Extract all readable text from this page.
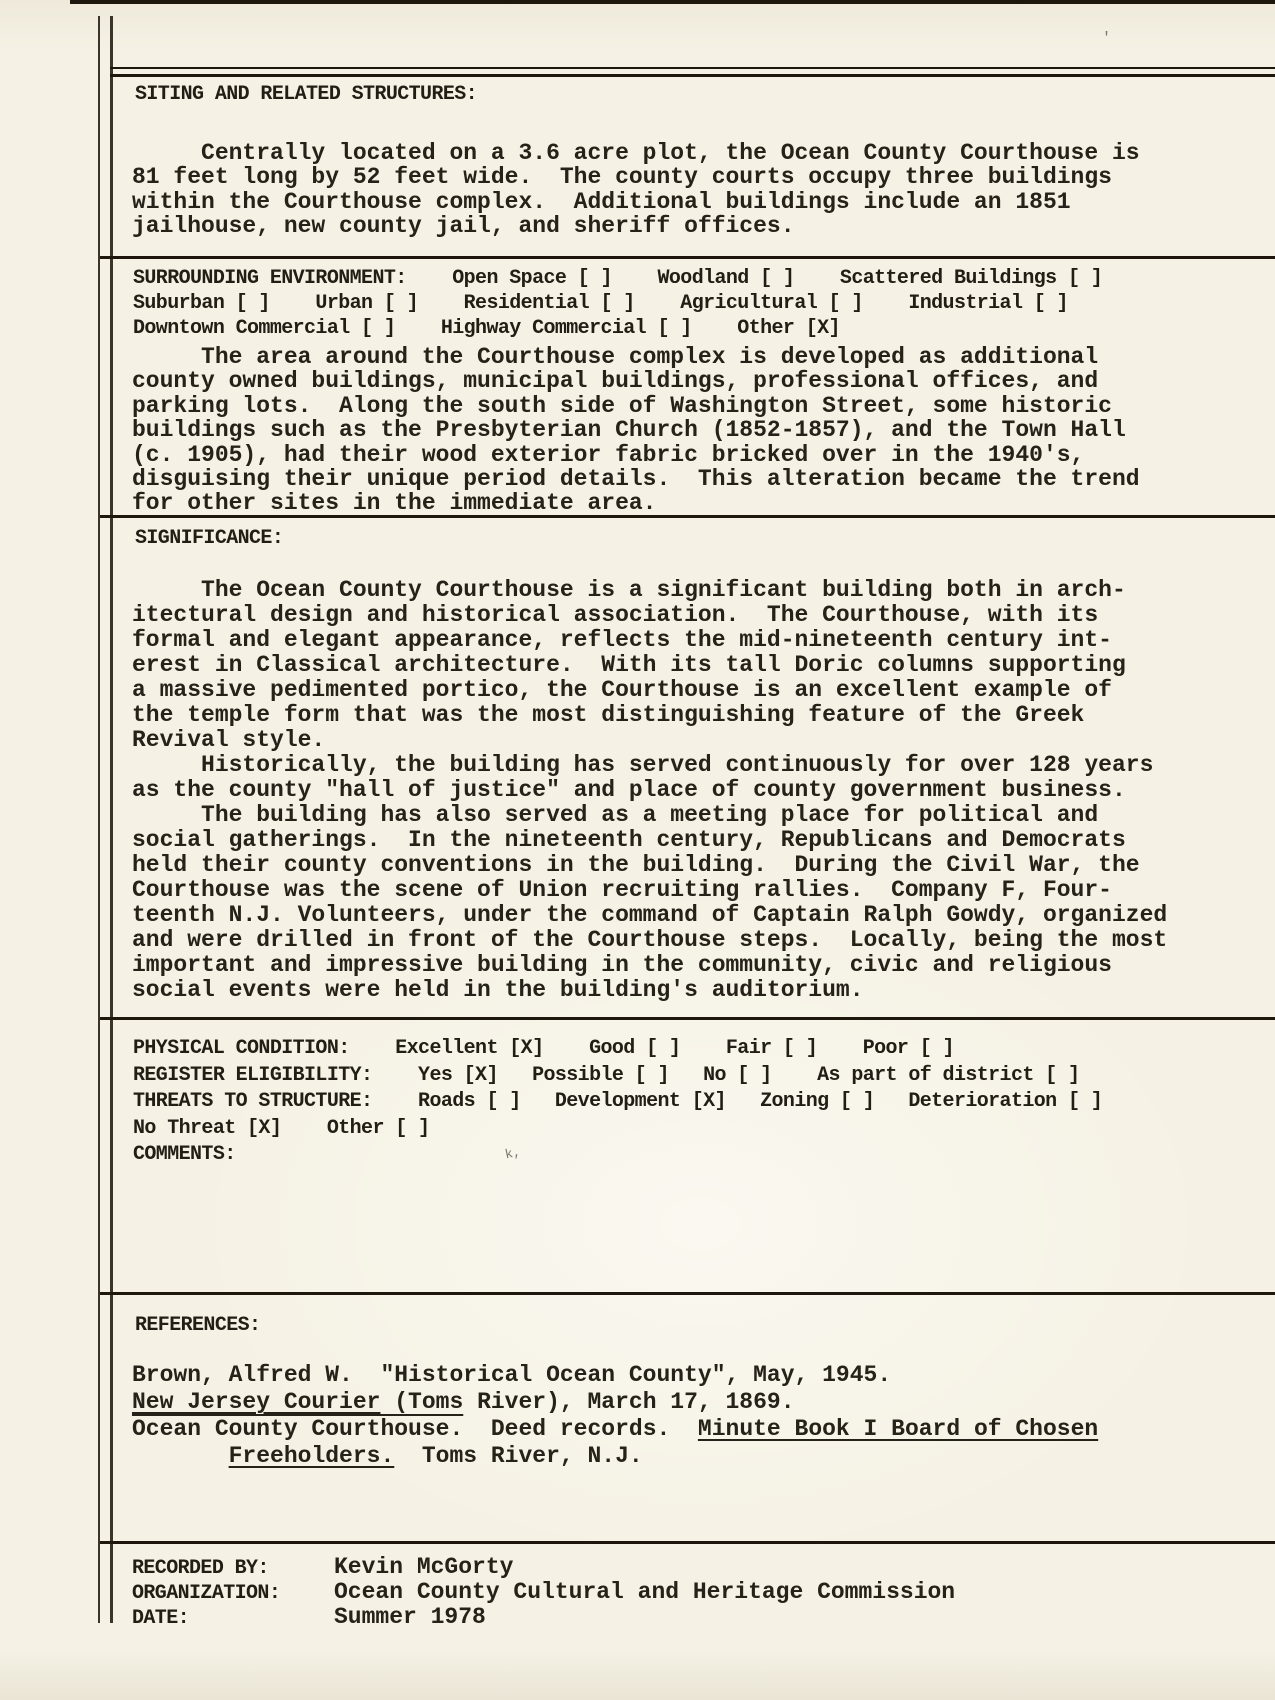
SITING AND RELATED STRUCTURES:
Centrally located on a 3.6 acre plot, the Ocean County Courthouse is
81 feet long by 52 feet wide.  The county courts occupy three buildings
within the Courthouse complex.  Additional buildings include an 1851
jailhouse, new county jail, and sheriff offices.
SURROUNDING ENVIRONMENT:    Open Space [ ]    Woodland [ ]    Scattered Buildings [ ]
Suburban [ ]    Urban [ ]    Residential [ ]    Agricultural [ ]    Industrial [ ]
Downtown Commercial [ ]    Highway Commercial [ ]    Other [X]
The area around the Courthouse complex is developed as additional
county owned buildings, municipal buildings, professional offices, and
parking lots.  Along the south side of Washington Street, some historic
buildings such as the Presbyterian Church (1852-1857), and the Town Hall
(c. 1905), had their wood exterior fabric bricked over in the 1940's,
disguising their unique period details.  This alteration became the trend
for other sites in the immediate area.
SIGNIFICANCE:
The Ocean County Courthouse is a significant building both in arch-
itectural design and historical association.  The Courthouse, with its
formal and elegant appearance, reflects the mid-nineteenth century int-
erest in Classical architecture.  With its tall Doric columns supporting
a massive pedimented portico, the Courthouse is an excellent example of
the temple form that was the most distinguishing feature of the Greek
Revival style.
Historically, the building has served continuously for over 128 years
as the county "hall of justice" and place of county government business.
The building has also served as a meeting place for political and
social gatherings.  In the nineteenth century, Republicans and Democrats
held their county conventions in the building.  During the Civil War, the
Courthouse was the scene of Union recruiting rallies.  Company F, Four-
teenth N.J. Volunteers, under the command of Captain Ralph Gowdy, organized
and were drilled in front of the Courthouse steps.  Locally, being the most
important and impressive building in the community, civic and religious
social events were held in the building's auditorium.
PHYSICAL CONDITION:    Excellent [X]    Good [ ]    Fair [ ]    Poor [ ]
REGISTER ELIGIBILITY:    Yes [X]   Possible [ ]   No [ ]    As part of district [ ]
THREATS TO STRUCTURE:    Roads [ ]   Development [X]   Zoning [ ]   Deterioration [ ]
No Threat [X]    Other [ ]
COMMENTS:	k,
'
REFERENCES:
Brown, Alfred W.  "Historical Ocean County", May, 1945.
New Jersey Courier (Toms River), March 17, 1869.
Ocean County Courthouse.  Deed records.  Minute Book I Board of Chosen
Freeholders.  Toms River, N.J.
RECORDED BY:	Kevin McGorty
ORGANIZATION:	Ocean County Cultural and Heritage Commission
DATE:	Summer 1978
